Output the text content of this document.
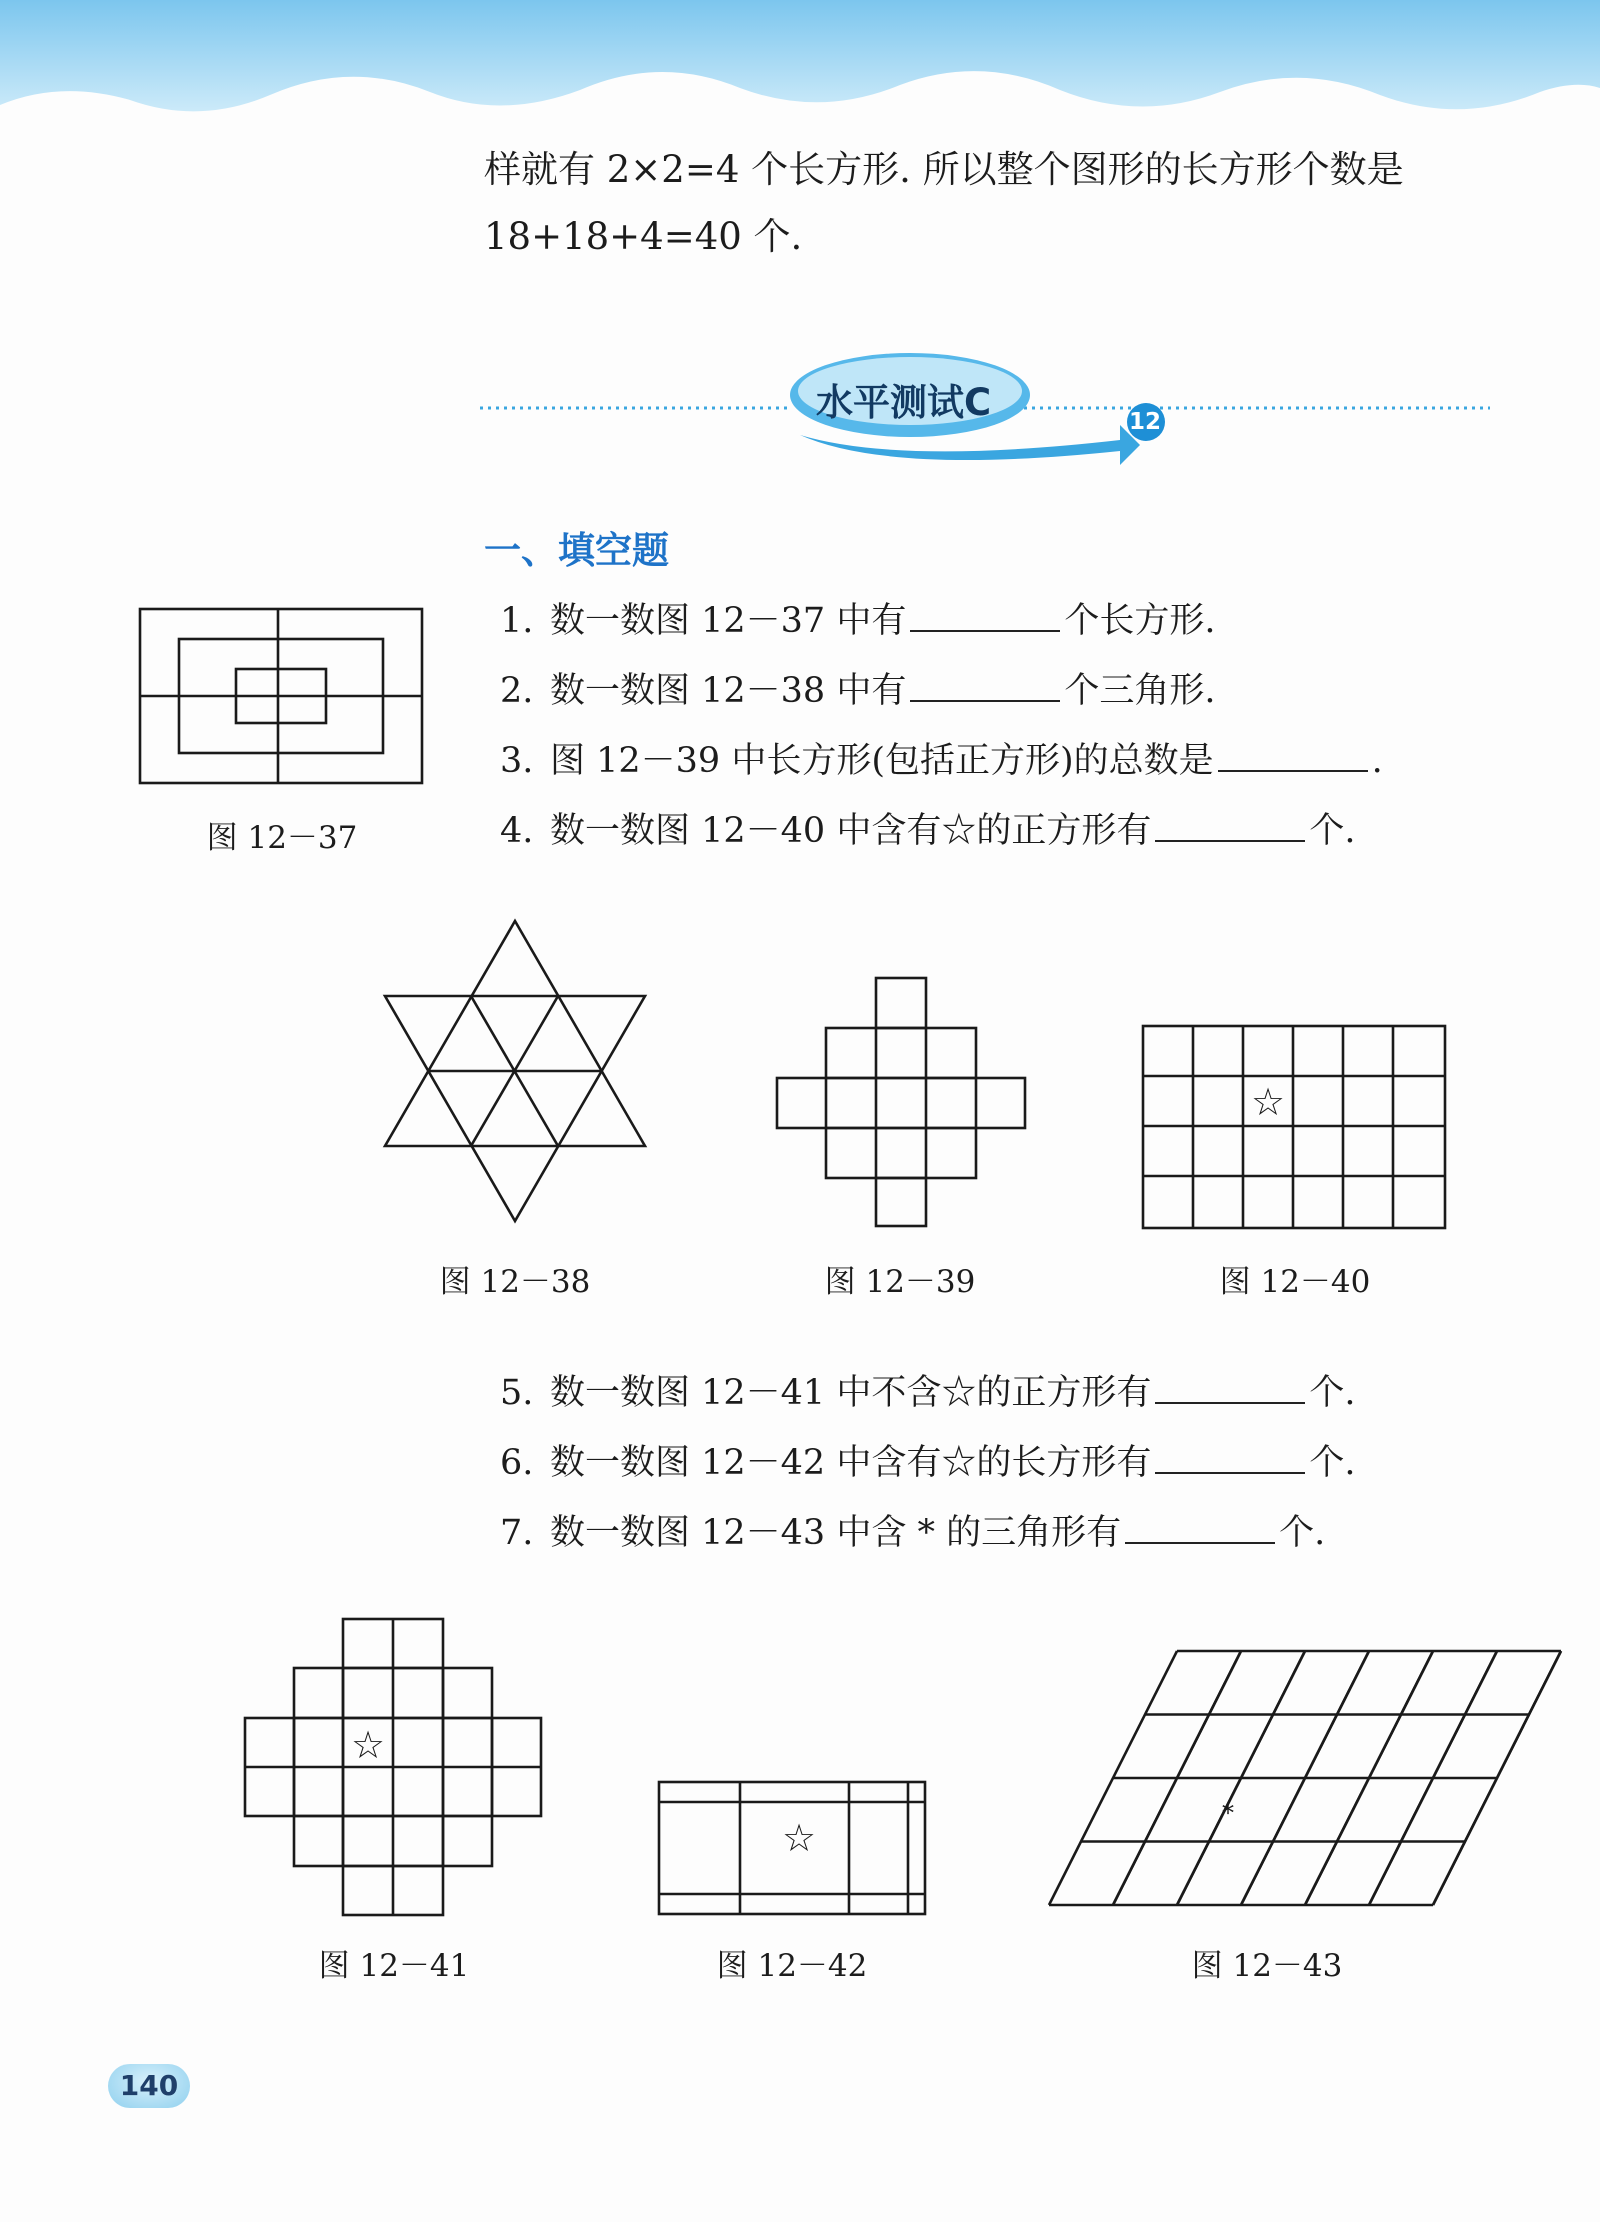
样就有 2×2=4 个长方形. 所以整个图形的长方形个数是
18+18+4=40 个.
水平测试C	12
一、填空题
1. 数一数图 12－37 中有	个长方形.
2. 数一数图 12－38 中有	个三角形.
3. 图 12－39 中长方形(包括正方形)的总数是	.
4. 数一数图 12－40 中含有☆的正方形有	个.
图 12－37
图 12－38	图 12－39
☆
图 12－40
5. 数一数图 12－41 中不含☆的正方形有	个.
6. 数一数图 12－42 中含有☆的长方形有	个.
7. 数一数图 12－43 中含 * 的三角形有	个.
☆
图 12－41
☆
图 12－42
*
图 12－43
140
